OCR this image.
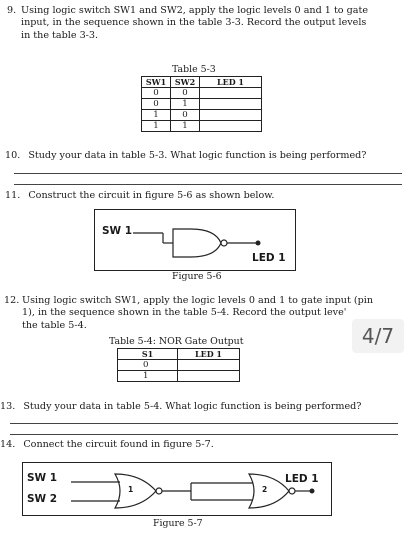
9. Using logic switch SW1 and SW2, apply the logic levels 0 and 1 to gate
input, in the sequence shown in the table 3-3. Record the output levels
in the table 3-3.
Table 5-3
SW1	SW2	LED 1
0	0	
0	1	
1	0	
1	1	
10. Study your data in table 5-3. What logic function is being performed?
11. Construct the circuit in figure 5-6 as shown below.
SW 1
LED 1
Figure 5-6
12. Using logic switch SW1, apply the logic levels 0 and 1 to gate input (pin
1), in the sequence shown in the table 5-4. Record the output leve'
the table 5-4.	4/7
Table 5-4: NOR Gate Output
S1	LED 1
0	
1	
13. Study your data in table 5-4. What logic function is being performed?
14. Connect the circuit found in figure 5-7.
SW 1
SW 2
1	2
LED 1
Figure 5-7
